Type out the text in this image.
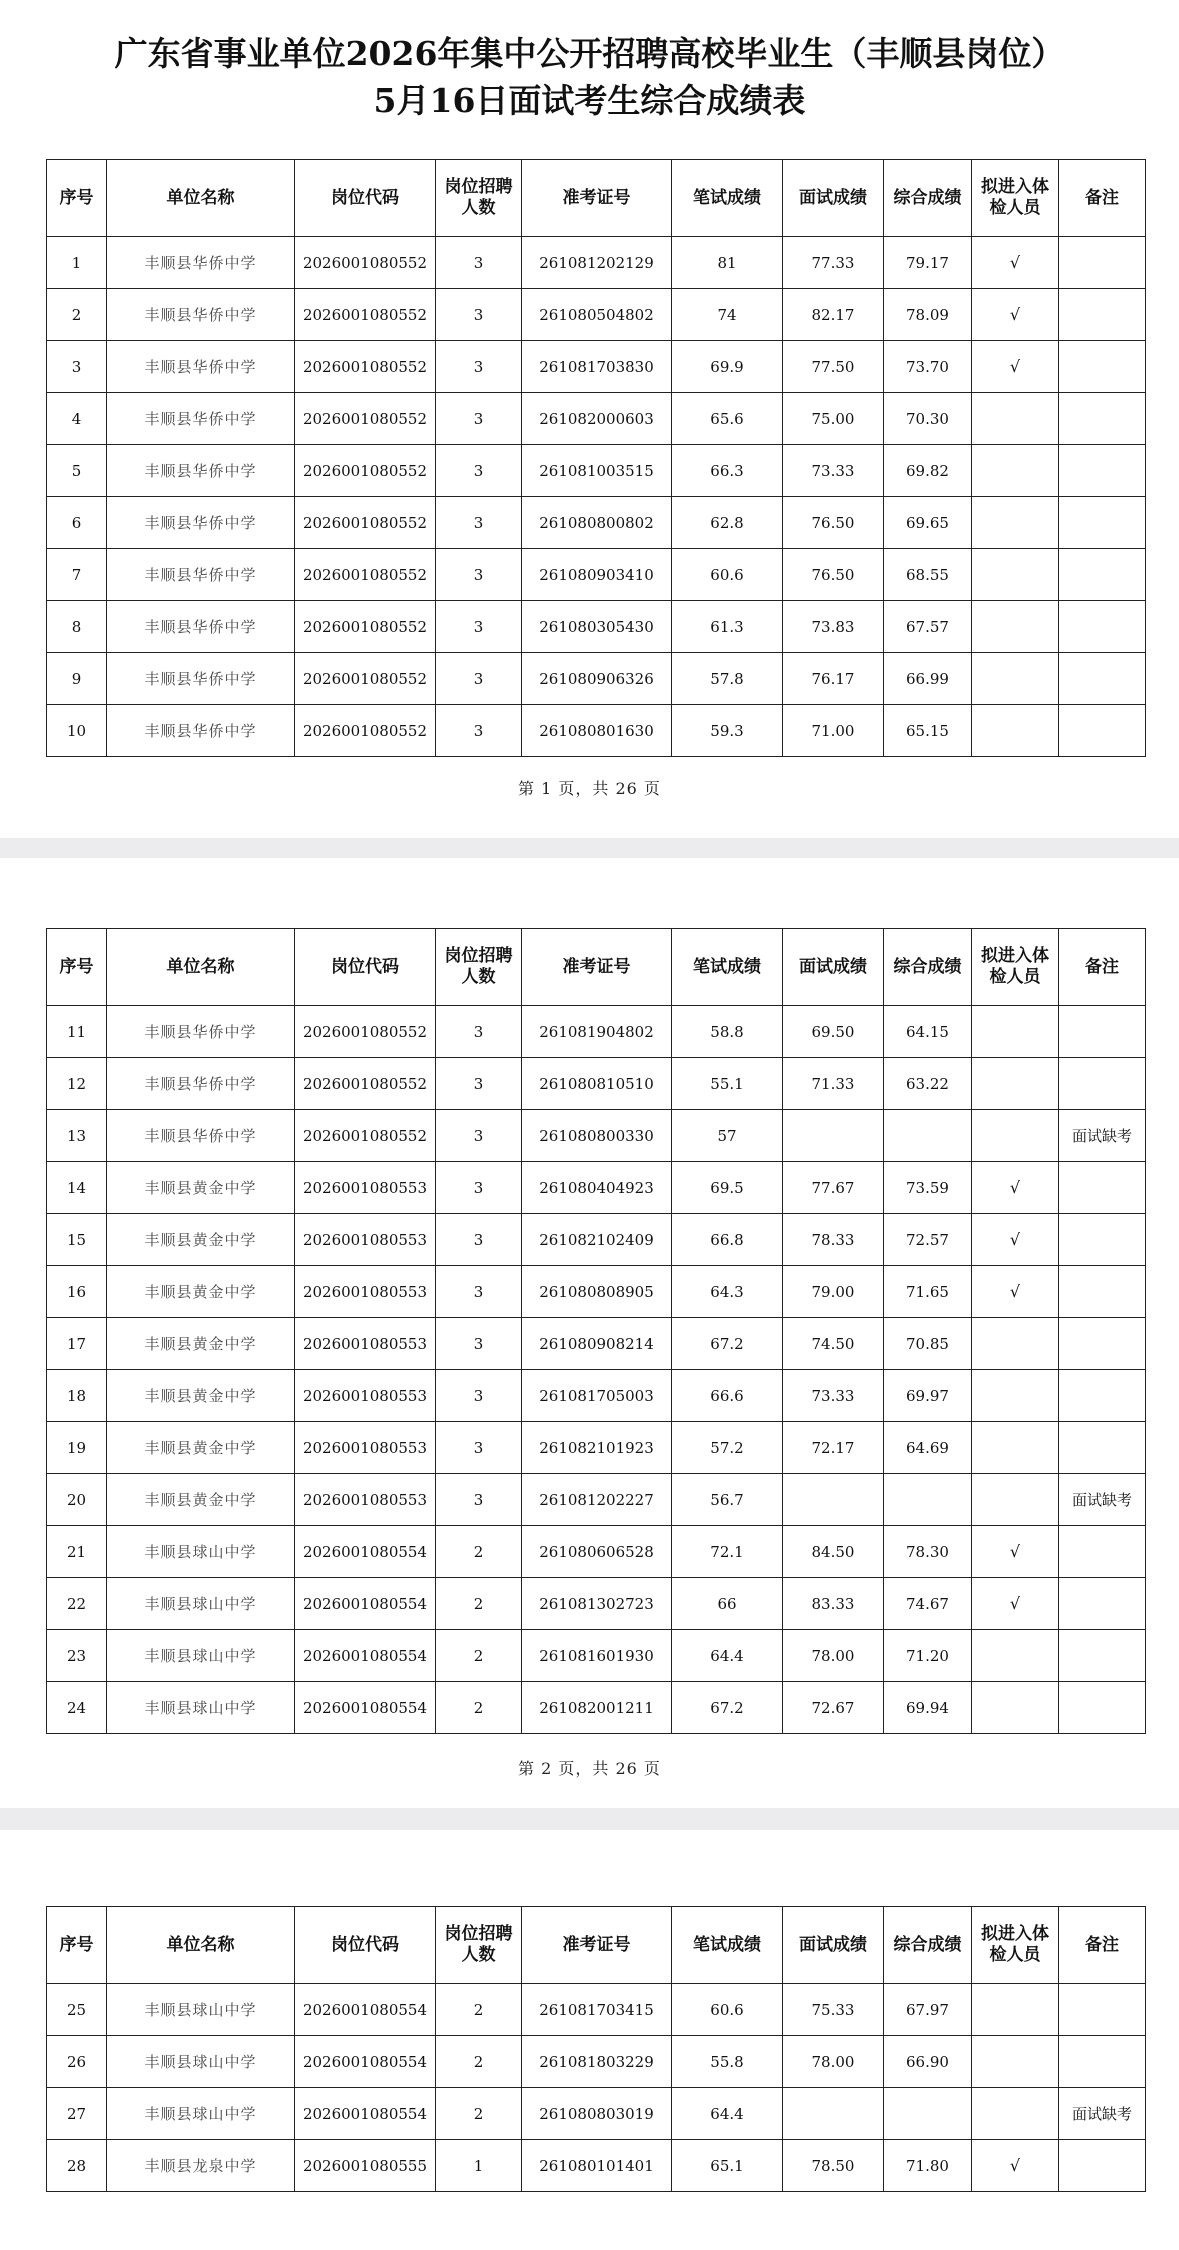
广东省事业单位2026年集中公开招聘高校毕业生（丰顺县岗位）
5月16日面试考生综合成绩表
序号	单位名称	岗位代码	岗位招聘
人数	准考证号	笔试成绩	面试成绩	综合成绩	拟进入体
检人员	备注
1	丰顺县华侨中学	2026001080552	3	261081202129	81	77.33	79.17	√	
2	丰顺县华侨中学	2026001080552	3	261080504802	74	82.17	78.09	√	
3	丰顺县华侨中学	2026001080552	3	261081703830	69.9	77.50	73.70	√	
4	丰顺县华侨中学	2026001080552	3	261082000603	65.6	75.00	70.30		
5	丰顺县华侨中学	2026001080552	3	261081003515	66.3	73.33	69.82		
6	丰顺县华侨中学	2026001080552	3	261080800802	62.8	76.50	69.65		
7	丰顺县华侨中学	2026001080552	3	261080903410	60.6	76.50	68.55		
8	丰顺县华侨中学	2026001080552	3	261080305430	61.3	73.83	67.57		
9	丰顺县华侨中学	2026001080552	3	261080906326	57.8	76.17	66.99		
10	丰顺县华侨中学	2026001080552	3	261080801630	59.3	71.00	65.15		
第 1 页，共 26 页
序号	单位名称	岗位代码	岗位招聘
人数	准考证号	笔试成绩	面试成绩	综合成绩	拟进入体
检人员	备注
11	丰顺县华侨中学	2026001080552	3	261081904802	58.8	69.50	64.15		
12	丰顺县华侨中学	2026001080552	3	261080810510	55.1	71.33	63.22		
13	丰顺县华侨中学	2026001080552	3	261080800330	57				面试缺考
14	丰顺县黄金中学	2026001080553	3	261080404923	69.5	77.67	73.59	√	
15	丰顺县黄金中学	2026001080553	3	261082102409	66.8	78.33	72.57	√	
16	丰顺县黄金中学	2026001080553	3	261080808905	64.3	79.00	71.65	√	
17	丰顺县黄金中学	2026001080553	3	261080908214	67.2	74.50	70.85		
18	丰顺县黄金中学	2026001080553	3	261081705003	66.6	73.33	69.97		
19	丰顺县黄金中学	2026001080553	3	261082101923	57.2	72.17	64.69		
20	丰顺县黄金中学	2026001080553	3	261081202227	56.7				面试缺考
21	丰顺县球山中学	2026001080554	2	261080606528	72.1	84.50	78.30	√	
22	丰顺县球山中学	2026001080554	2	261081302723	66	83.33	74.67	√	
23	丰顺县球山中学	2026001080554	2	261081601930	64.4	78.00	71.20		
24	丰顺县球山中学	2026001080554	2	261082001211	67.2	72.67	69.94		
第 2 页，共 26 页
序号	单位名称	岗位代码	岗位招聘
人数	准考证号	笔试成绩	面试成绩	综合成绩	拟进入体
检人员	备注
25	丰顺县球山中学	2026001080554	2	261081703415	60.6	75.33	67.97		
26	丰顺县球山中学	2026001080554	2	261081803229	55.8	78.00	66.90		
27	丰顺县球山中学	2026001080554	2	261080803019	64.4				面试缺考
28	丰顺县龙泉中学	2026001080555	1	261080101401	65.1	78.50	71.80	√	
